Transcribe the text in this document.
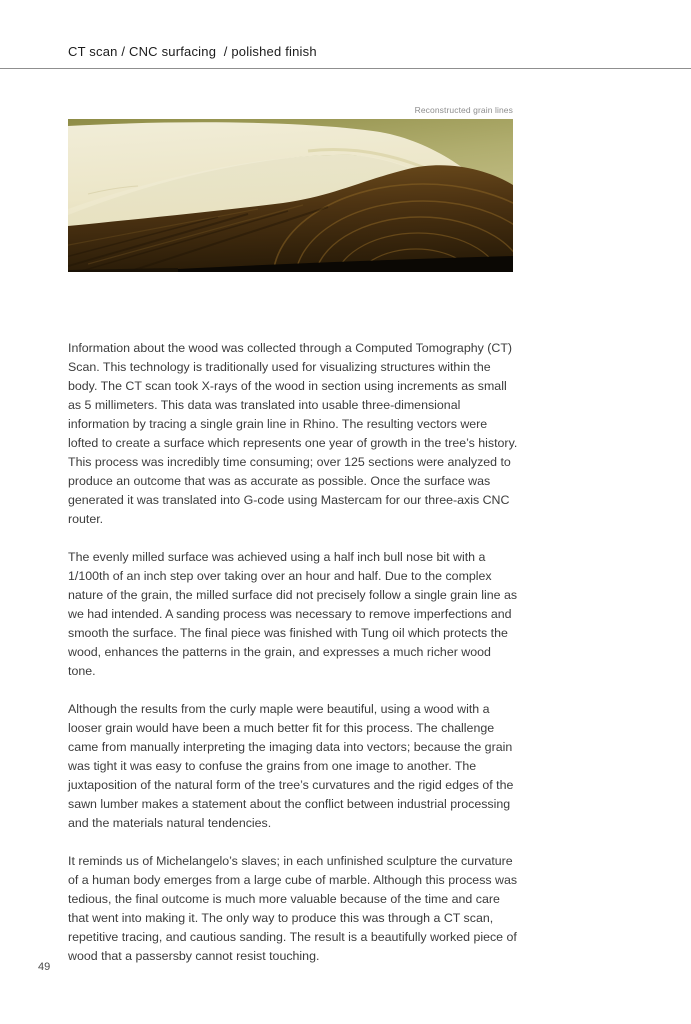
CT scan / CNC surfacing  / polished finish
Reconstructed grain lines

Information about the wood was collected through a Computed Tomography (CT) Scan. This technology is traditionally used for visualizing structures within the body. The CT scan took X-rays of the wood in section using increments as small as 5 millimeters. This data was translated into usable three-dimensional information by tracing a single grain line in Rhino. The resulting vectors were lofted to create a surface which represents one year of growth in the tree’s history. This process was incredibly time consuming; over 125 sections were analyzed to produce an outcome that was as accurate as possible. Once the surface was generated it was translated into G-code using Mastercam for our three-axis CNC router.

The evenly milled surface was achieved using a half inch bull nose bit with a 1/100th of an inch step over taking over an hour and half. Due to the complex nature of the grain, the milled surface did not precisely follow a single grain line as we had intended. A sanding process was necessary to remove imperfections and smooth the surface. The final piece was finished with Tung oil which protects the wood, enhances the patterns in the grain, and expresses a much richer wood tone.

Although the results from the curly maple were beautiful, using a wood with a looser grain would have been a much better fit for this process. The challenge came from manually interpreting the imaging data into vectors; because the grain was tight it was easy to confuse the grains from one image to another. The juxtaposition of the natural form of the tree’s curvatures and the rigid edges of the sawn lumber makes a statement about the conflict between industrial processing and the materials natural tendencies.

It reminds us of Michelangelo’s slaves; in each unfinished sculpture the curvature of a human body emerges from a large cube of marble. Although this process was tedious, the final outcome is much more valuable because of the time and care that went into making it. The only way to produce this was through a CT scan, repetitive tracing, and cautious sanding. The result is a beautifully worked piece of wood that a passersby cannot resist touching.

49
